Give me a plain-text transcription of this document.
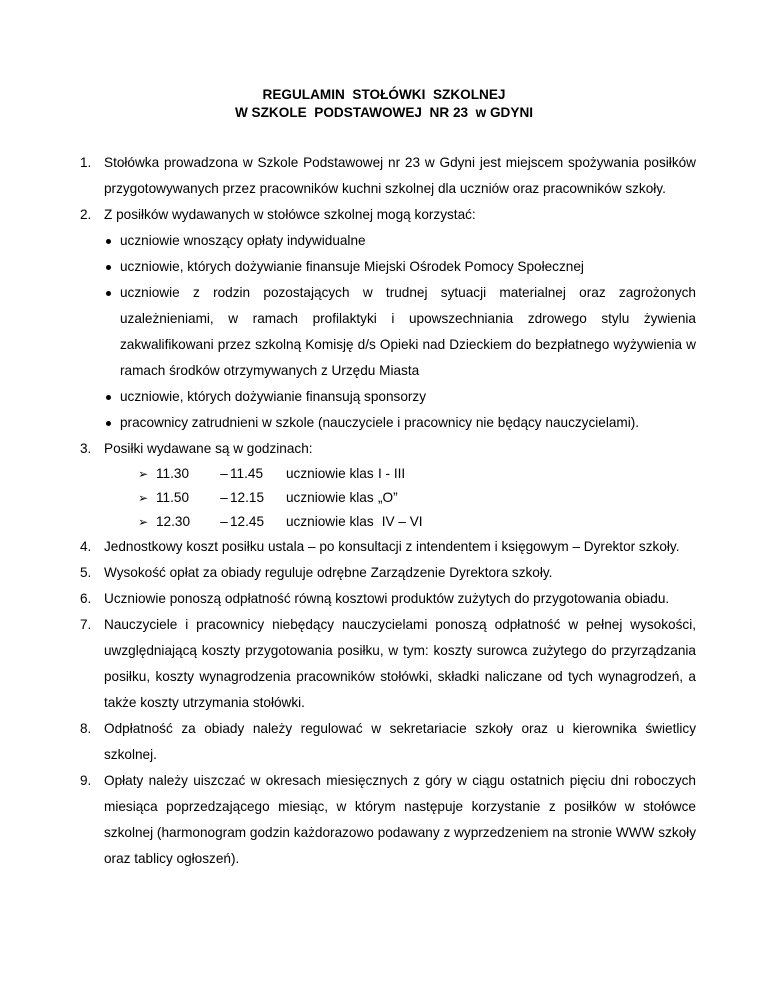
REGULAMIN  STOŁÓWKI  SZKOLNEJ
W SZKOLE  PODSTAWOWEJ  NR 23  w GDYNI
1. Stołówka prowadzona w Szkole Podstawowej nr 23 w Gdyni jest miejscem spożywania posiłków przygotowywanych przez pracowników kuchni szkolnej dla uczniów oraz pracowników szkoły.
2. Z posiłków wydawanych w stołówce szkolnej mogą korzystać:
uczniowie wnoszący opłaty indywidualne
uczniowie, których dożywianie finansuje Miejski Ośrodek Pomocy Społecznej
uczniowie z rodzin pozostających w trudnej sytuacji materialnej oraz zagrożonych uzależnieniami, w ramach profilaktyki i upowszechniania zdrowego stylu żywienia zakwalifikowani przez szkolną Komisję d/s Opieki nad Dzieckiem do bezpłatnego wyżywienia w ramach środków otrzymywanych z Urzędu Miasta
uczniowie, których dożywianie finansują sponsorzy
pracownicy zatrudnieni w szkole (nauczyciele i pracownicy nie będący nauczycielami).
3. Posiłki wydawane są w godzinach:
➢ 11.30 – 11.45 uczniowie klas I - III
➢ 11.50 – 12.15 uczniowie klas „O”
➢ 12.30 – 12.45 uczniowie klas IV – VI
4. Jednostkowy koszt posiłku ustala – po konsultacji z intendentem i księgowym – Dyrektor szkoły.
5. Wysokość opłat za obiady reguluje odrębne Zarządzenie Dyrektora szkoły.
6. Uczniowie ponoszą odpłatność równą kosztowi produktów zużytych do przygotowania obiadu.
7. Nauczyciele i pracownicy niebędący nauczycielami ponoszą odpłatność w pełnej wysokości, uwzględniającą koszty przygotowania posiłku, w tym: koszty surowca zużytego do przyrządzania posiłku, koszty wynagrodzenia pracowników stołówki, składki naliczane od tych wynagrodzeń, a także koszty utrzymania stołówki.
8. Odpłatność za obiady należy regulować w sekretariacie szkoły oraz u kierownika świetlicy szkolnej.
9. Opłaty należy uiszczać w okresach miesięcznych z góry w ciągu ostatnich pięciu dni roboczych miesiąca poprzedzającego miesiąc, w którym następuje korzystanie z posiłków w stołówce szkolnej (harmonogram godzin każdorazowo podawany z wyprzedzeniem na stronie WWW szkoły oraz tablicy ogłoszeń).
